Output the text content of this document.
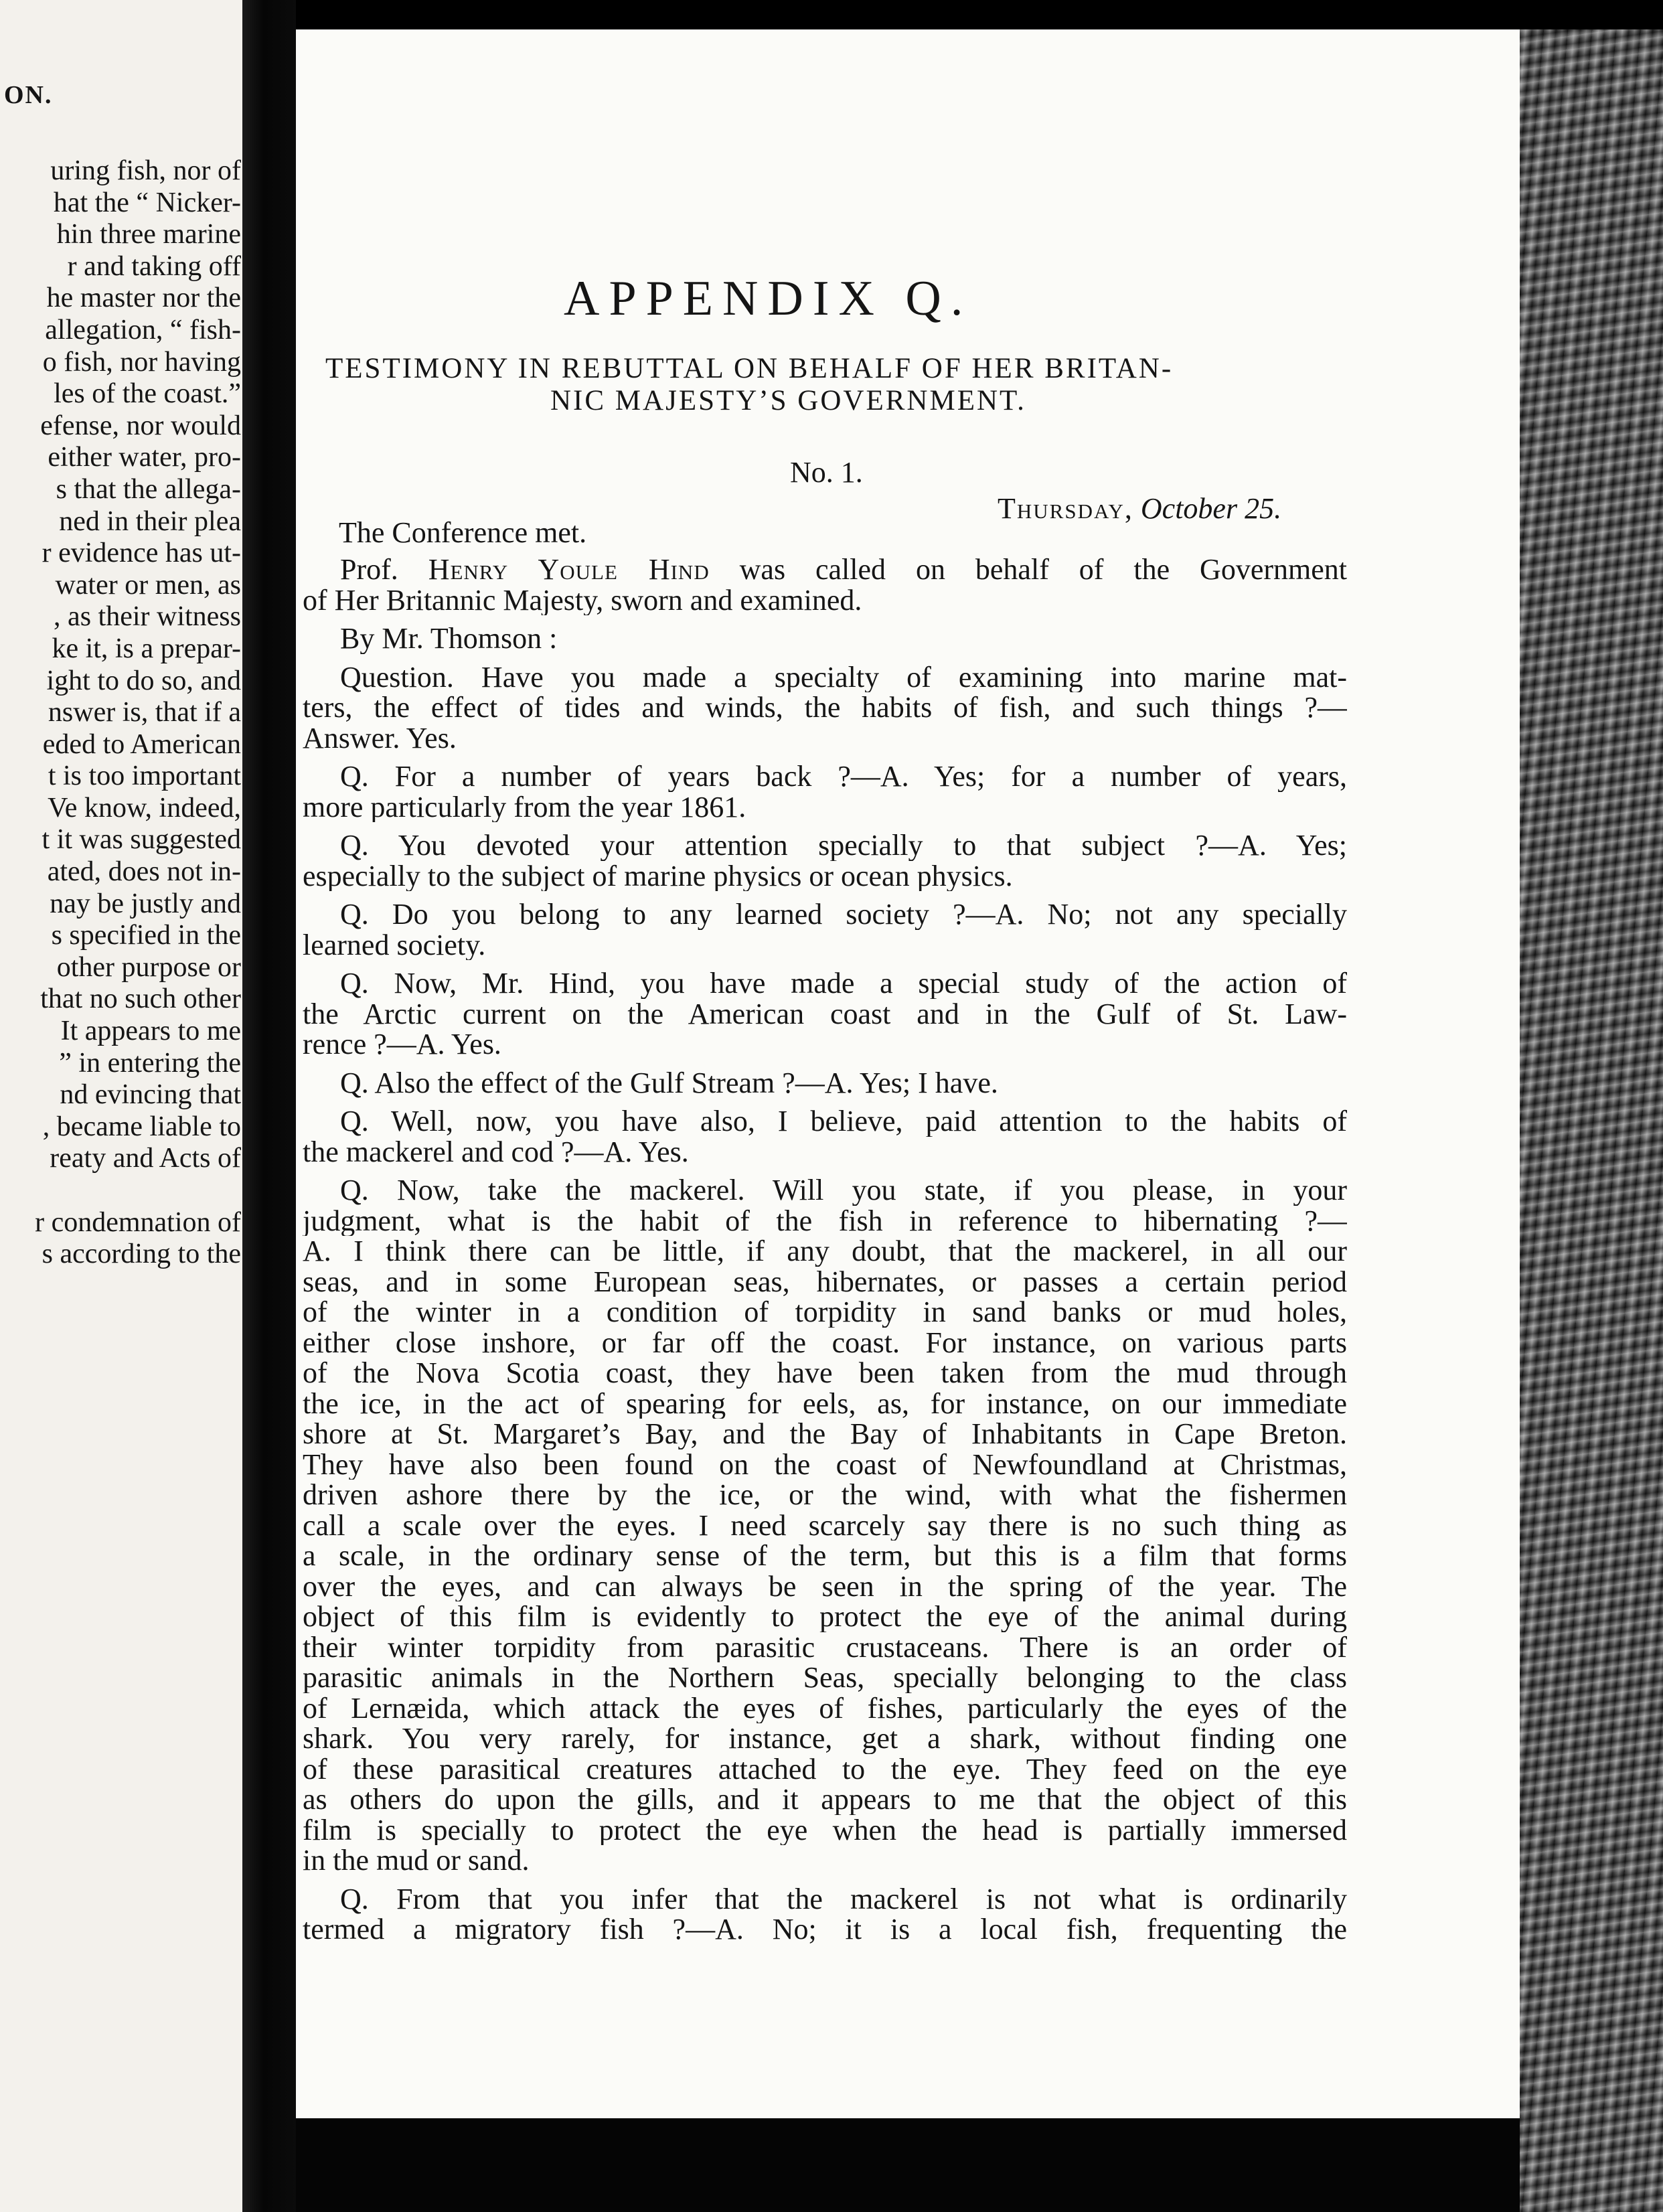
ON.
uring fish, nor of
hat the “ Nicker-
hin three marine
r and taking off
he master nor the
allegation, “ fish-
o fish, nor having
les of the coast.”
efense, nor would
either water, pro-
s that the allega-
ned in their plea
r evidence has ut-
water or men, as
, as their witness
ke it, is a prepar-
ight to do so, and
nswer is, that if a
eded to American
t is too important
Ve know, indeed,
t it was suggested
ated, does not in-
nay be justly and
s specified in the
other purpose or
that no such other
It appears to me
” in entering the
nd evincing that
, became liable to
reaty and Acts of
r condemnation of
s according to the
APPENDIX Q.
TESTIMONY IN REBUTTAL ON BEHALF OF HER BRITAN-
NIC MAJESTY’S GOVERNMENT.
No. 1.
Thursday, October 25.
The Conference met.
Prof. Henry Youle Hind was called on behalf of the Government
of Her Britannic Majesty, sworn and examined.
By Mr. Thomson :
Question. Have you made a specialty of examining into marine mat-
ters, the effect of tides and winds, the habits of fish, and such things ?—
Answer. Yes.
Q. For a number of years back ?—A. Yes; for a number of years,
more particularly from the year 1861.
Q. You devoted your attention specially to that subject ?—A. Yes;
especially to the subject of marine physics or ocean physics.
Q. Do you belong to any learned society ?—A. No; not any specially
learned society.
Q. Now, Mr. Hind, you have made a special study of the action of
the Arctic current on the American coast and in the Gulf of St. Law-
rence ?—A. Yes.
Q. Also the effect of the Gulf Stream ?—A. Yes; I have.
Q. Well, now, you have also, I believe, paid attention to the habits of
the mackerel and cod ?—A. Yes.
Q. Now, take the mackerel. Will you state, if you please, in your
judgment, what is the habit of the fish in reference to hibernating ?—
A. I think there can be little, if any doubt, that the mackerel, in all our
seas, and in some European seas, hibernates, or passes a certain period
of the winter in a condition of torpidity in sand banks or mud holes,
either close inshore, or far off the coast. For instance, on various parts
of the Nova Scotia coast, they have been taken from the mud through
the ice, in the act of spearing for eels, as, for instance, on our immediate
shore at St. Margaret’s Bay, and the Bay of Inhabitants in Cape Breton.
They have also been found on the coast of Newfoundland at Christmas,
driven ashore there by the ice, or the wind, with what the fishermen
call a scale over the eyes. I need scarcely say there is no such thing as
a scale, in the ordinary sense of the term, but this is a film that forms
over the eyes, and can always be seen in the spring of the year. The
object of this film is evidently to protect the eye of the animal during
their winter torpidity from parasitic crustaceans. There is an order of
parasitic animals in the Northern Seas, specially belonging to the class
of Lernæida, which attack the eyes of fishes, particularly the eyes of the
shark. You very rarely, for instance, get a shark, without finding one
of these parasitical creatures attached to the eye. They feed on the eye
as others do upon the gills, and it appears to me that the object of this
film is specially to protect the eye when the head is partially immersed
in the mud or sand.
Q. From that you infer that the mackerel is not what is ordinarily
termed a migratory fish ?—A. No; it is a local fish, frequenting the
